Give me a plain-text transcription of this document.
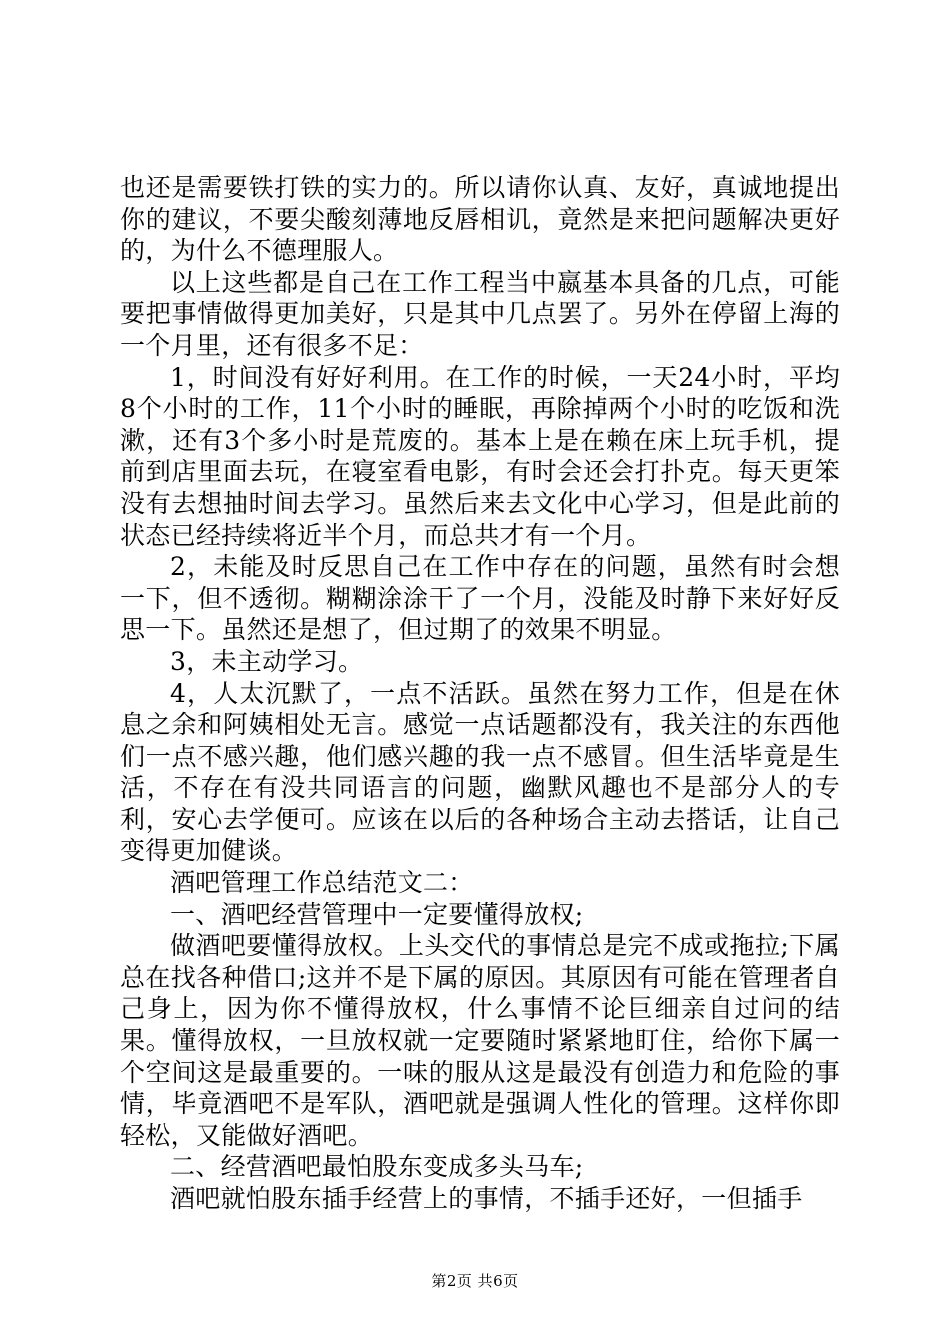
也还是需要铁打铁的实力的。所以请你认真、友好，真诚地提出你的建议，不要尖酸刻薄地反唇相讥，竟然是来把问题解决更好的，为什么不德理服人。

以上这些都是自己在工作工程当中嬴基本具备的几点，可能要把事情做得更加美好，只是其中几点罢了。另外在停留上海的一个月里，还有很多不足：

1，时间没有好好利用。在工作的时候，一天24小时，平均8个小时的工作，11个小时的睡眠，再除掉两个小时的吃饭和洗漱，还有3个多小时是荒废的。基本上是在赖在床上玩手机，提前到店里面去玩，在寝室看电影，有时会还会打扑克。每天更笨没有去想抽时间去学习。虽然后来去文化中心学习，但是此前的状态已经持续将近半个月，而总共才有一个月。

2，未能及时反思自己在工作中存在的问题，虽然有时会想一下，但不透彻。糊糊涂涂干了一个月，没能及时静下来好好反思一下。虽然还是想了，但过期了的效果不明显。

3，未主动学习。

4，人太沉默了，一点不活跃。虽然在努力工作，但是在休息之余和阿姨相处无言。感觉一点话题都没有，我关注的东西他们一点不感兴趣，他们感兴趣的我一点不感冒。但生活毕竟是生活，不存在有没共同语言的问题，幽默风趣也不是部分人的专利，安心去学便可。应该在以后的各种场合主动去搭话，让自己变得更加健谈。

酒吧管理工作总结范文二：

一、酒吧经营管理中一定要懂得放权;

做酒吧要懂得放权。上头交代的事情总是完不成或拖拉;下属总在找各种借口;这并不是下属的原因。其原因有可能在管理者自己身上，因为你不懂得放权，什么事情不论巨细亲自过问的结果。懂得放权，一旦放权就一定要随时紧紧地盯住，给你下属一个空间这是最重要的。一味的服从这是最没有创造力和危险的事情，毕竟酒吧不是军队，酒吧就是强调人性化的管理。这样你即轻松，又能做好酒吧。

二、经营酒吧最怕股东变成多头马车;

酒吧就怕股东插手经营上的事情，不插手还好，一但插手

第2页 共6页
